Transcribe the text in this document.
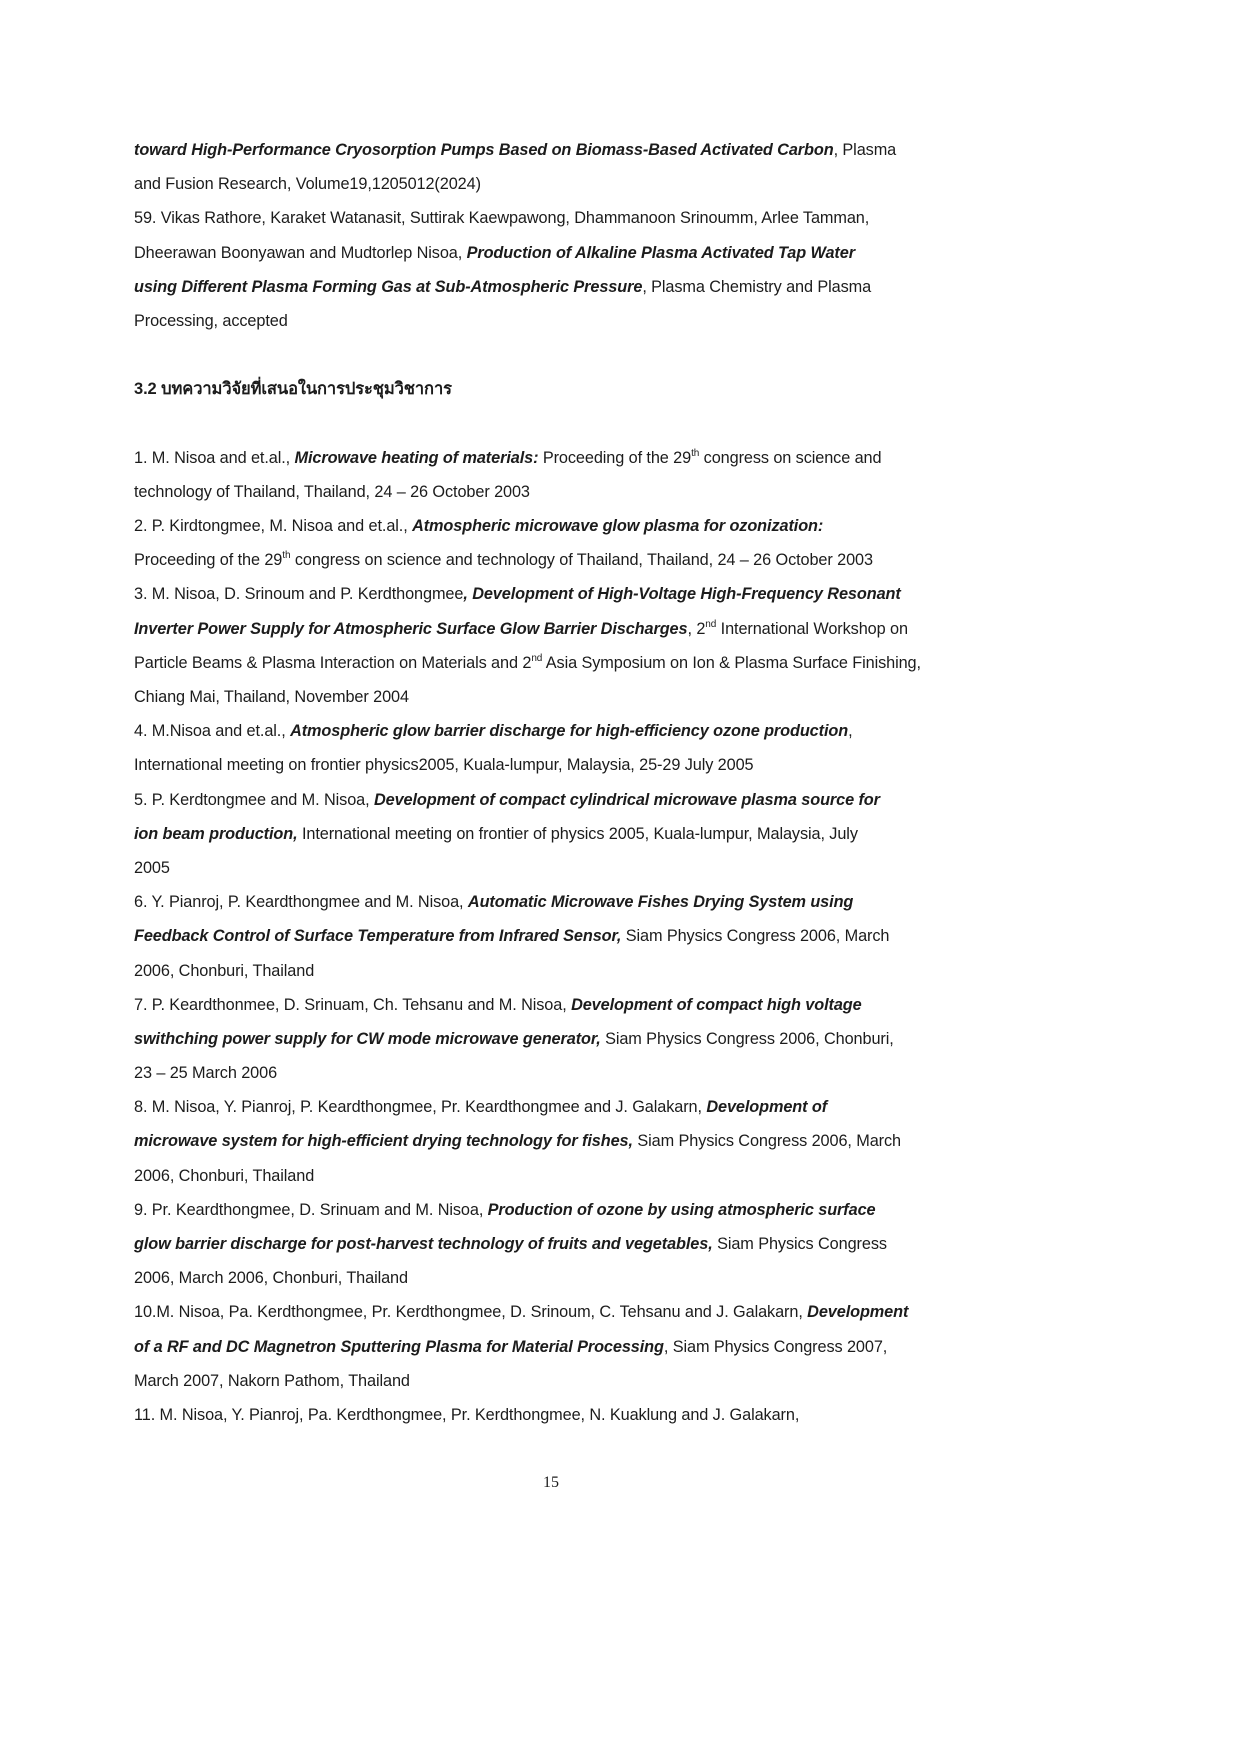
toward High-Performance Cryosorption Pumps Based on Biomass-Based Activated Carbon, Plasma
and Fusion Research, Volume19,1205012(2024)
59. Vikas Rathore, Karaket Watanasit, Suttirak Kaewpawong, Dhammanoon Srinoumm, Arlee Tamman,
Dheerawan Boonyawan and Mudtorlep Nisoa, Production of Alkaline Plasma Activated Tap Water
using Different Plasma Forming Gas at Sub-Atmospheric Pressure, Plasma Chemistry and Plasma
Processing, accepted
3.2 บทความวิจัยที่เสนอในการประชุมวิชาการ
1. M. Nisoa and et.al., Microwave heating of materials: Proceeding of the 29th congress on science and
technology of Thailand, Thailand, 24 – 26 October 2003
2. P. Kirdtongmee, M. Nisoa and et.al., Atmospheric microwave glow plasma for ozonization:
Proceeding of the 29th congress on science and technology of Thailand, Thailand, 24 – 26 October 2003
3. M. Nisoa, D. Srinoum and P. Kerdthongmee, Development of High-Voltage High-Frequency Resonant
Inverter Power Supply for Atmospheric Surface Glow Barrier Discharges, 2nd International Workshop on
Particle Beams & Plasma Interaction on Materials and 2nd Asia Symposium on Ion & Plasma Surface Finishing,
Chiang Mai, Thailand, November 2004
4. M.Nisoa and et.al., Atmospheric glow barrier discharge for high-efficiency ozone production,
International meeting on frontier physics2005, Kuala-lumpur, Malaysia, 25-29 July 2005
5. P. Kerdtongmee and M. Nisoa, Development of compact cylindrical microwave plasma source for
ion beam production, International meeting on frontier of physics 2005, Kuala-lumpur, Malaysia, July
2005
6. Y. Pianroj, P. Keardthongmee and M. Nisoa, Automatic Microwave Fishes Drying System using
Feedback Control of Surface Temperature from Infrared Sensor, Siam Physics Congress 2006, March
2006, Chonburi, Thailand
7. P. Keardthonmee, D. Srinuam, Ch. Tehsanu and M. Nisoa, Development of compact high voltage
swithching power supply for CW mode microwave generator, Siam Physics Congress 2006, Chonburi,
23 – 25 March 2006
8. M. Nisoa, Y. Pianroj, P. Keardthongmee, Pr. Keardthongmee and J. Galakarn, Development of
microwave system for high-efficient drying technology for fishes, Siam Physics Congress 2006, March
2006, Chonburi, Thailand
9. Pr. Keardthongmee, D. Srinuam and M. Nisoa, Production of ozone by using atmospheric surface
glow barrier discharge for post-harvest technology of fruits and vegetables, Siam Physics Congress
2006, March 2006, Chonburi, Thailand
10.M. Nisoa, Pa. Kerdthongmee, Pr. Kerdthongmee, D. Srinoum, C. Tehsanu and J. Galakarn, Development
of a RF and DC Magnetron Sputtering Plasma for Material Processing, Siam Physics Congress 2007,
March 2007, Nakorn Pathom, Thailand
11. M. Nisoa, Y. Pianroj, Pa. Kerdthongmee, Pr. Kerdthongmee, N. Kuaklung and J. Galakarn,
15
